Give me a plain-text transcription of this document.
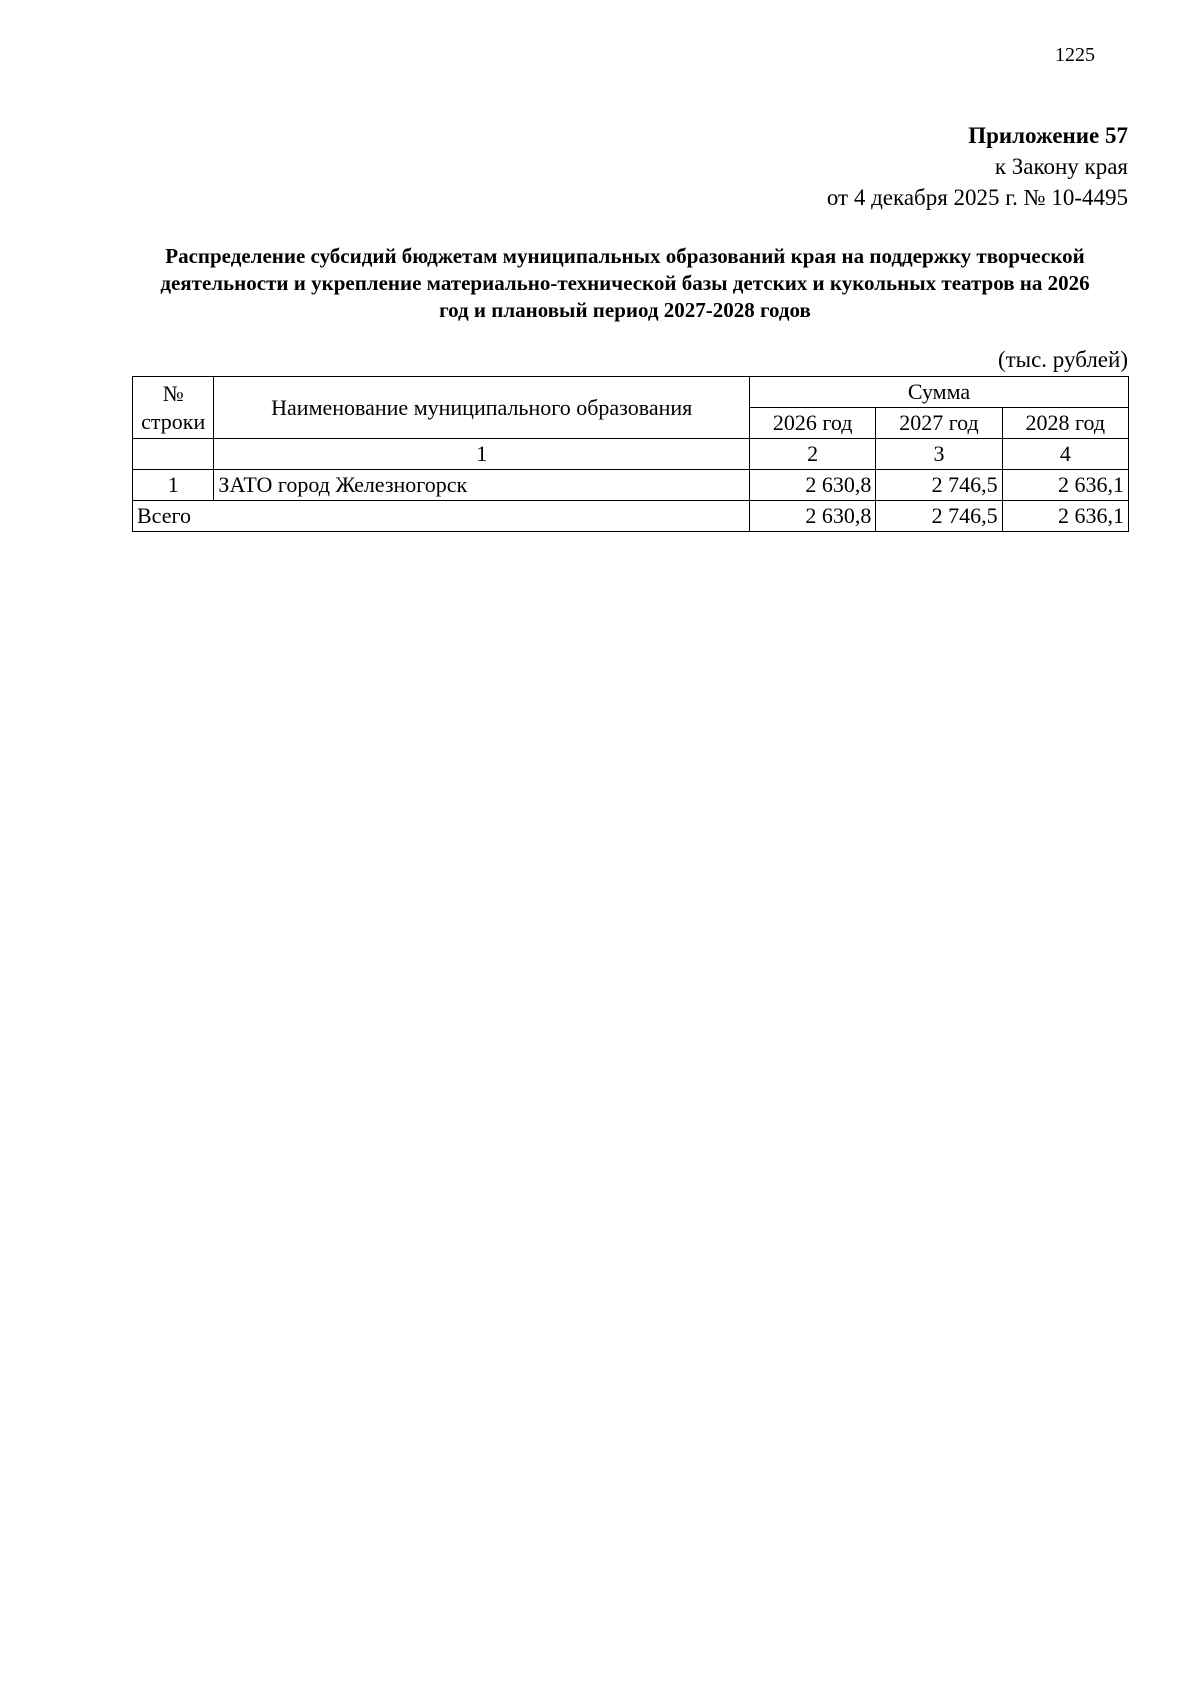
1225
Приложение 57
к Закону края
от 4 декабря 2025 г. № 10-4495
Распределение субсидий бюджетам муниципальных образований края на поддержку творческой
деятельности и укрепление материально-технической базы детских и кукольных театров на 2026
год и плановый период 2027-2028 годов
(тыс. рублей)
№
строки	Наименование муниципального образования	Сумма		
		2026 год	2027 год	2028 год
	1	2	3	4
1	ЗАТО город Железногорск	2 630,8	2 746,5	2 636,1
Всего		2 630,8	2 746,5	2 636,1
